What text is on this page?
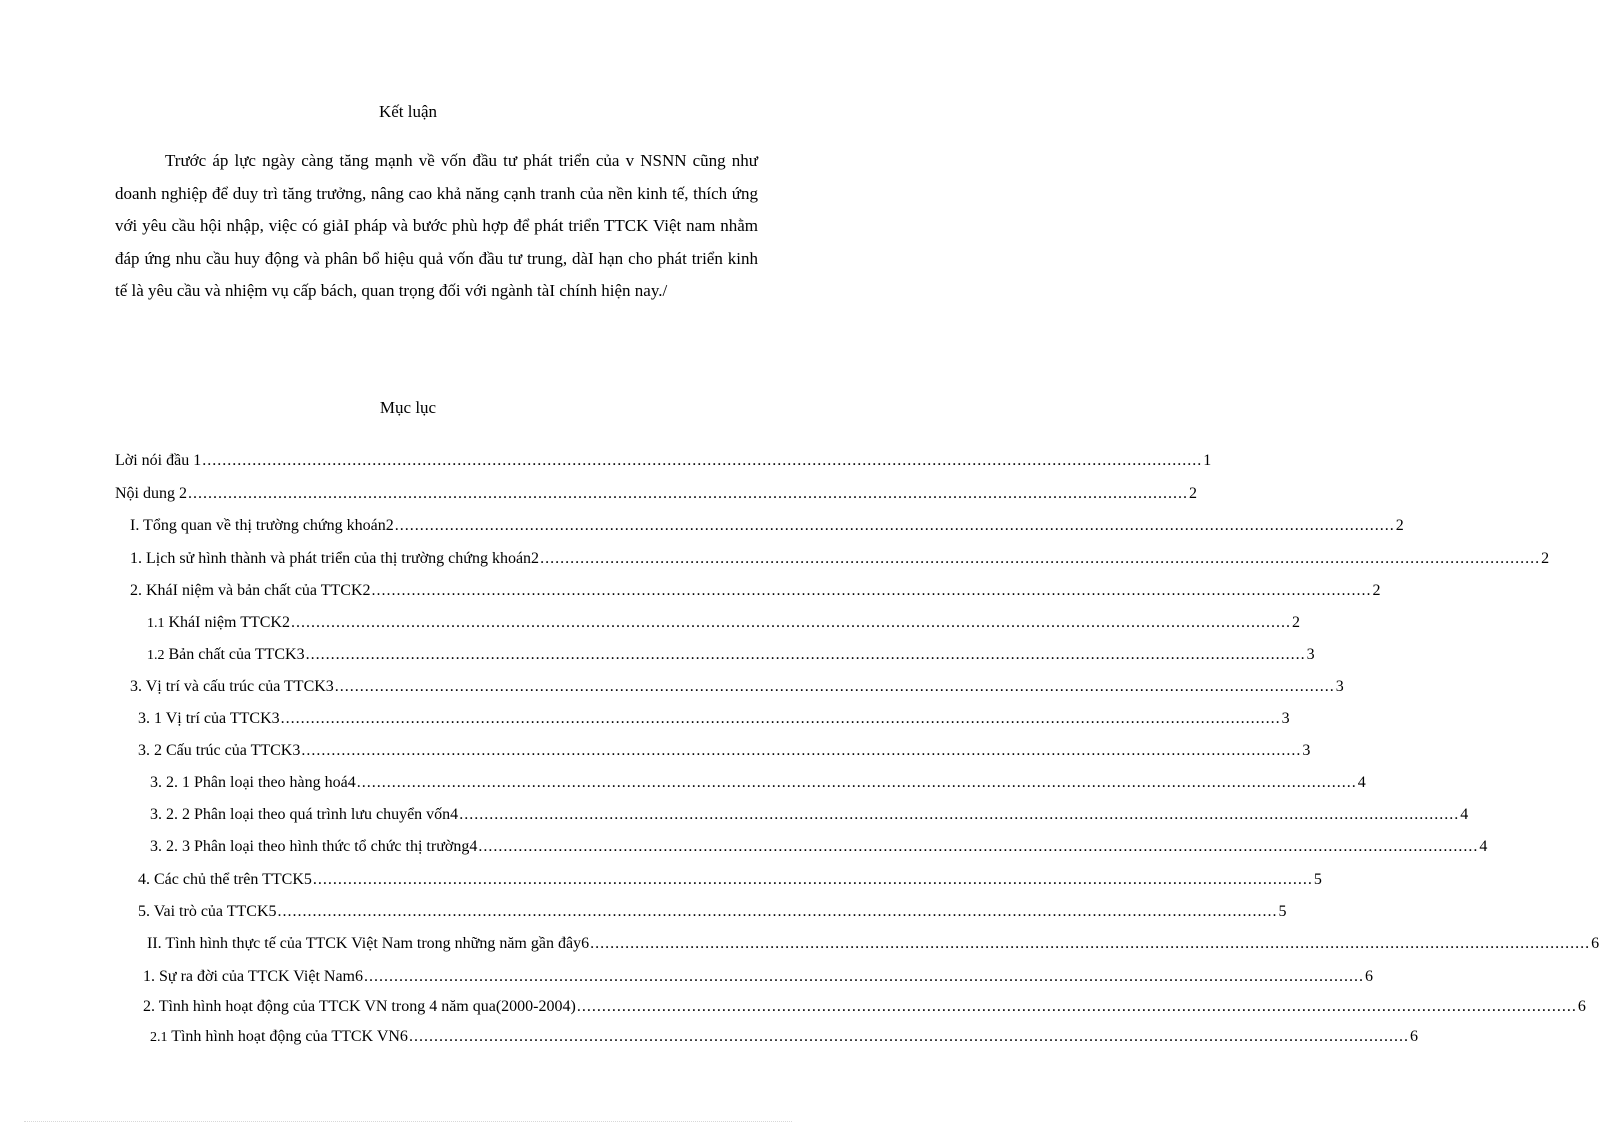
Kết luận

Trước áp lực ngày càng tăng mạnh về vốn đầu tư phát triển của v NSNN cũng như doanh nghiệp để duy trì tăng trưởng, nâng cao khả năng cạnh tranh của nền kinh tế, thích ứng với yêu cầu hội nhập, việc có giảI pháp và bước phù hợp để phát triển TTCK Việt nam nhằm đáp ứng nhu cầu huy động và phân bổ hiệu quả vốn đầu tư trung, dàI hạn cho phát triển kinh tế là yêu cầu và nhiệm vụ cấp bách, quan trọng đối với ngành tàI chính hiện nay./

Mục lục
Lời nói đầu 1 ........................................................................................................................................................................................................ 1
Nội dung 2 ........................................................................................................................................................................................................ 2
I. Tổng quan về thị trường chứng khoán2 ........................................................................................................................................................................................................ 2
1. Lịch sử hình thành và phát triển của thị trường chứng khoán2 ........................................................................................................................................................................................................ 2
2. KháI niệm và bản chất của TTCK2 ........................................................................................................................................................................................................ 2
1.1 KháI niệm TTCK2 ........................................................................................................................................................................................................ 2
1.2 Bản chất của TTCK3 ........................................................................................................................................................................................................ 3
3. Vị trí và cấu trúc của TTCK3 ........................................................................................................................................................................................................ 3
3. 1 Vị trí của TTCK3 ........................................................................................................................................................................................................ 3
3. 2 Cấu trúc của TTCK3 ........................................................................................................................................................................................................ 3
3. 2. 1 Phân loại theo hàng hoá4 ........................................................................................................................................................................................................ 4
3. 2. 2 Phân loại theo quá trình lưu chuyển vốn4 ........................................................................................................................................................................................................ 4
3. 2. 3 Phân loại theo hình thức tổ chức thị trường4 ........................................................................................................................................................................................................ 4
4. Các chủ thể trên TTCK5 ........................................................................................................................................................................................................ 5
5. Vai trò của TTCK5 ........................................................................................................................................................................................................ 5
II. Tình hình thực tế của TTCK Việt Nam trong những năm gần đây6 ........................................................................................................................................................................................................ 6
1. Sự ra đời của TTCK Việt Nam6 ........................................................................................................................................................................................................ 6
2. Tình hình hoạt động của TTCK VN trong 4 năm qua(2000-2004) ........................................................................................................................................................................................................ 6
2.1 Tình hình hoạt động của TTCK VN6 ........................................................................................................................................................................................................ 6
